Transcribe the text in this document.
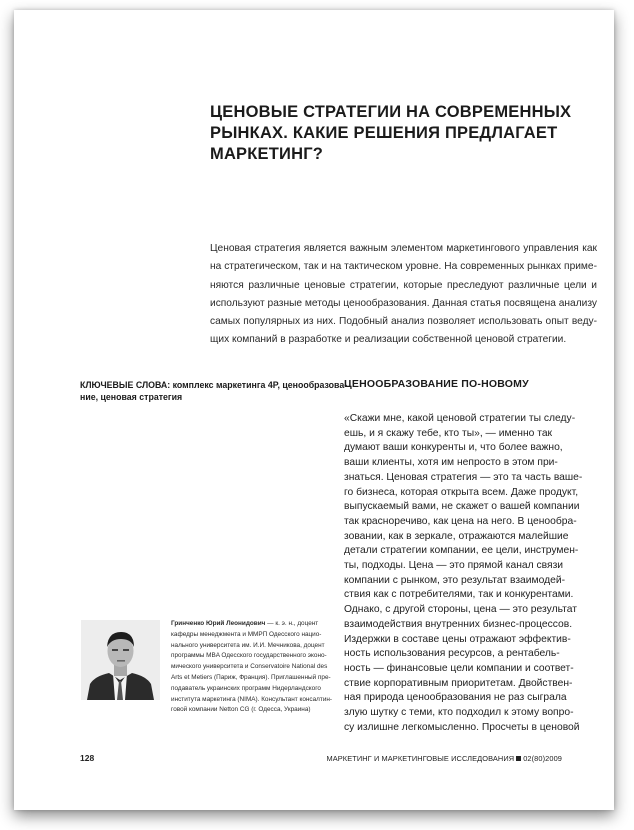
ЦЕНОВЫЕ СТРАТЕГИИ НА СОВРЕМЕННЫХ
РЫНКАХ. КАКИЕ РЕШЕНИЯ ПРЕДЛАГАЕТ
МАРКЕТИНГ?
Ценовая стратегия является важным элементом маркетингового управления как
на стратегическом, так и на тактическом уровне. На современных рынках приме-
няются различные ценовые стратегии, которые преследуют различные цели и
используют разные методы ценообразования. Данная статья посвящена анализу
самых популярных из них. Подобный анализ позволяет использовать опыт веду-
щих компаний в разработке и реализации собственной ценовой стратегии.
КЛЮЧЕВЫЕ СЛОВА: комплекс маркетинга 4P, ценообразова-
ние, ценовая стратегия
ЦЕНООБРАЗОВАНИЕ ПО-НОВОМУ
«Скажи мне, какой ценовой стратегии ты следу-
ешь, и я скажу тебе, кто ты», — именно так
думают ваши конкуренты и, что более важно,
ваши клиенты, хотя им непросто в этом при-
знаться. Ценовая стратегия — это та часть ваше-
го бизнеса, которая открыта всем. Даже продукт,
выпускаемый вами, не скажет о вашей компании
так красноречиво, как цена на него. В ценообра-
зовании, как в зеркале, отражаются малейшие
детали стратегии компании, ее цели, инструмен-
ты, подходы. Цена — это прямой канал связи
компании с рынком, это результат взаимодей-
ствия как с потребителями, так и конкурентами.
Однако, с другой стороны, цена — это результат
взаимодействия внутренних бизнес-процессов.
Издержки в составе цены отражают эффектив-
ность использования ресурсов, а рентабель-
ность — финансовые цели компании и соответ-
ствие корпоративным приоритетам. Двойствен-
ная природа ценообразования не раз сыграла
злую шутку с теми, кто подходил к этому вопро-
су излишне легкомысленно. Просчеты в ценовой
Гринченко Юрий Леонидович — к. э. н., доцент
кафедры менеджмента и ММРП Одесского нацио-
нального университета им. И.И. Мечникова, доцент
программы MBA Одесского государственного эконо-
мического университета и Conservatoire National des
Arts et Metiers (Париж, Франция). Приглашенный пре-
подаватель украинских программ Нидерландского
института маркетинга (NIMA). Консультант консалтин-
говой компании Netton CG (г. Одесса, Украина)
128	МАРКЕТИНГ И МАРКЕТИНГОВЫЕ ИССЛЕДОВАНИЯ 02(80)2009
